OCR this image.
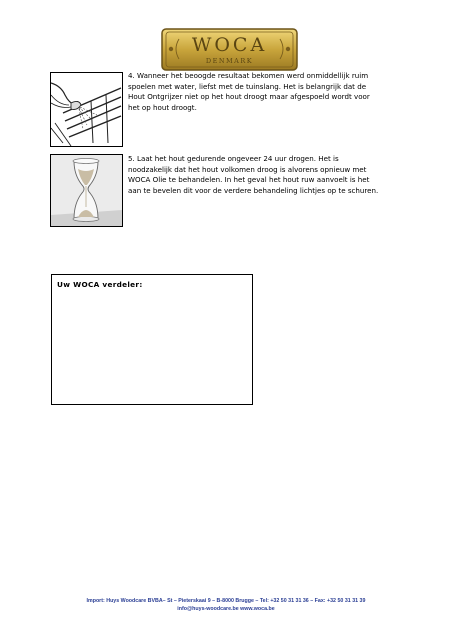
WOCA
DENMARK
4. Wanneer het beoogde resultaat bekomen werd onmiddellijk ruim spoelen met water, liefst met de tuinslang. Het is belangrijk dat de Hout Ontgrijzer niet op het hout droogt maar afgespoeld wordt voor het op hout droogt.
5. Laat het hout gedurende ongeveer 24 uur drogen. Het is noodzakelijk dat het hout volkomen droog is alvorens opnieuw met WOCA Olie te behandelen. In het geval het hout ruw aanvoelt is het aan te bevelen dit voor de verdere behandeling lichtjes op te schuren.
Uw WOCA verdeler:
Import: Huys Woodcare BVBA– St – Pieterskaai 9 – B-8000 Brugge – Tel: +32 50 31 31 36 – Fax: +32 50 31 31 39
info@huys-woodcare.be www.woca.be
